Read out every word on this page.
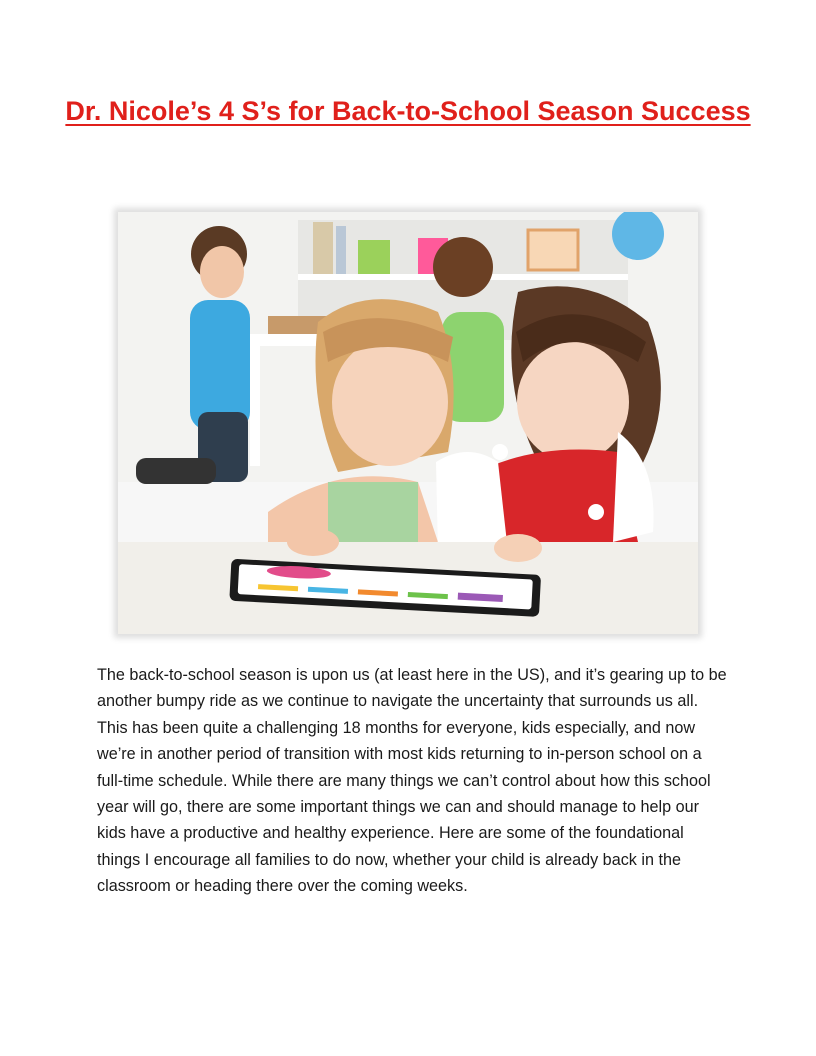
Dr. Nicole’s 4 S’s for Back-to-School Season Success

The back-to-school season is upon us (at least here in the US), and it’s gearing up to be another bumpy ride as we continue to navigate the uncertainty that surrounds us all. This has been quite a challenging 18 months for everyone, kids especially, and now we’re in another period of transition with most kids returning to in-person school on a full-time schedule. While there are many things we can’t control about how this school year will go, there are some important things we can and should manage to help our kids have a productive and healthy experience. Here are some of the foundational things I encourage all families to do now, whether your child is already back in the classroom or heading there over the coming weeks.
